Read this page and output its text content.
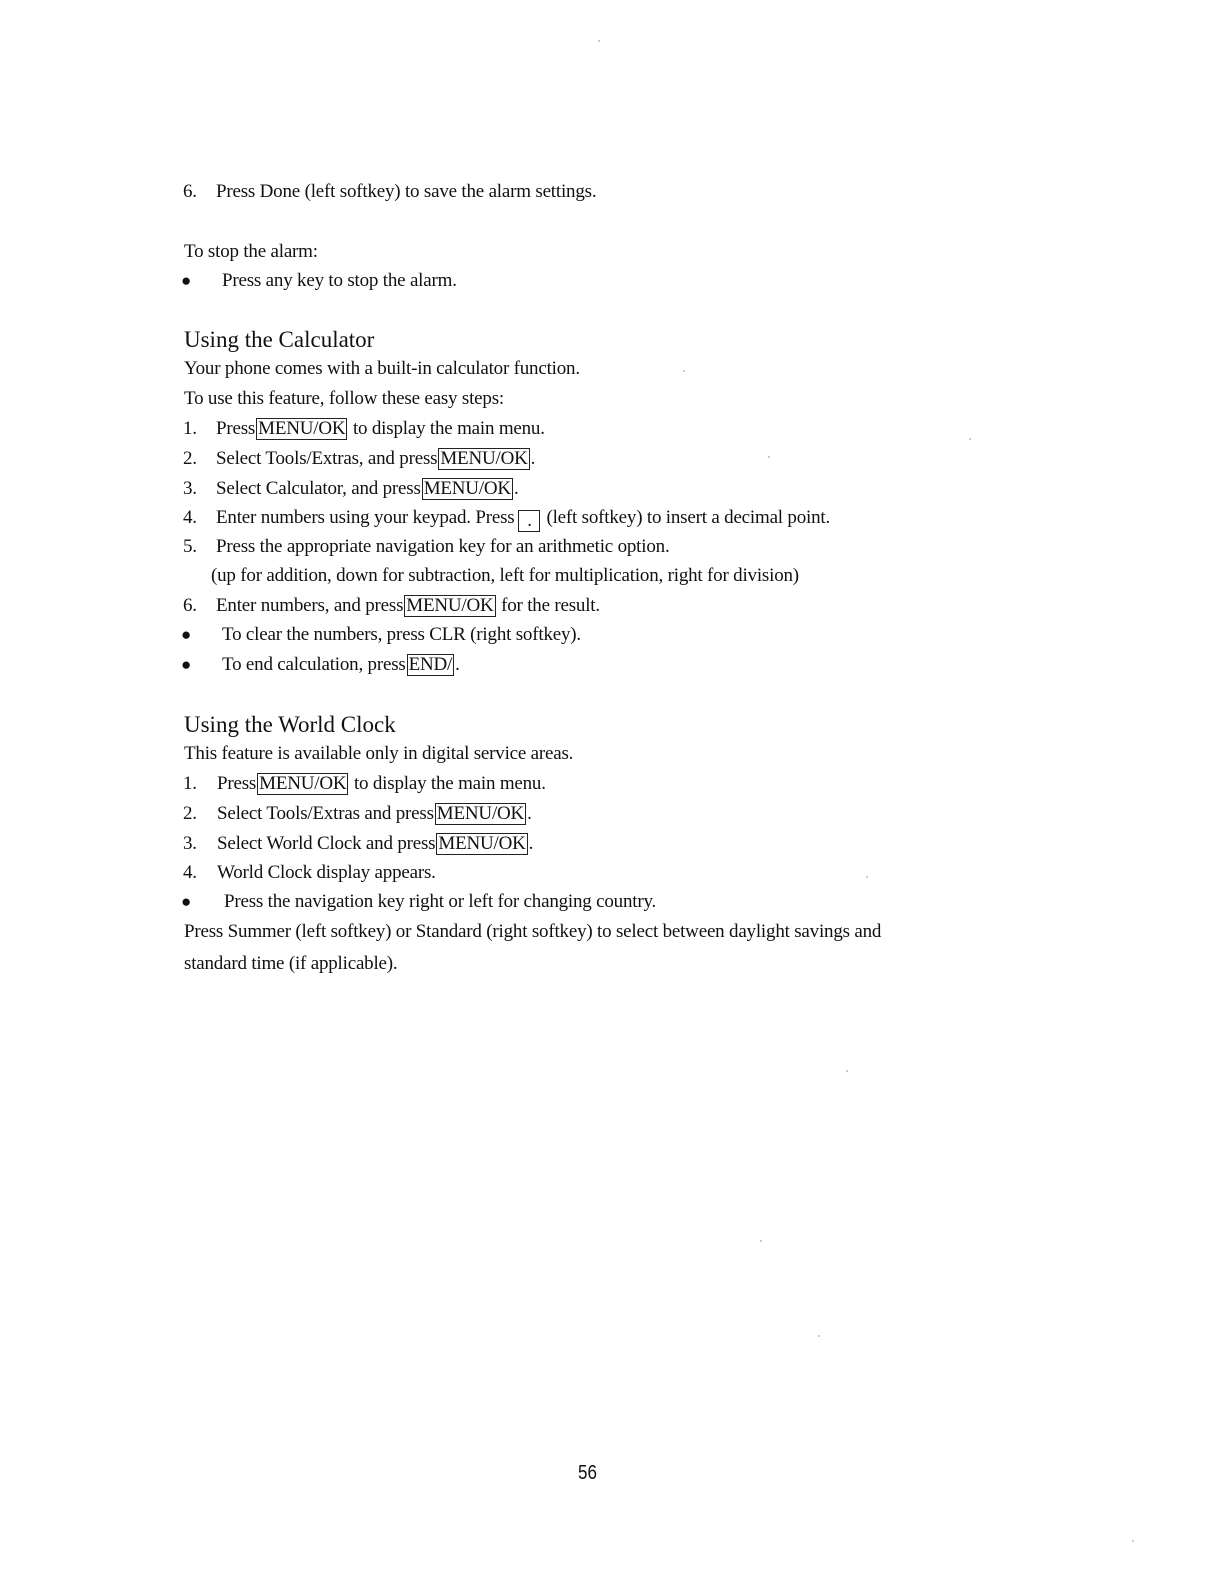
6.	Press Done (left softkey) to save the alarm settings.
To stop the alarm:
● Press any key to stop the alarm.
Using the Calculator
Your phone comes with a built-in calculator function.
To use this feature, follow these easy steps:
1.	Press MENU/OK to display the main menu.
2.	Select Tools/Extras, and press MENU/OK .
3.	Select Calculator, and press MENU/OK .
4.	Enter numbers using your keypad. Press . (left softkey) to insert a decimal point.
5.	Press the appropriate navigation key for an arithmetic option.
(up for addition, down for subtraction, left for multiplication, right for division)
6.	Enter numbers, and press MENU/OK for the result.
● To clear the numbers, press CLR (right softkey).
● To end calculation, press END/ .
Using the World Clock
This feature is available only in digital service areas.
1.	Press MENU/OK to display the main menu.
2.	Select Tools/Extras and press MENU/OK .
3.	Select World Clock and press MENU/OK .
4.	World Clock display appears.
● Press the navigation key right or left for changing country.
Press Summer (left softkey) or Standard (right softkey) to select between daylight savings and
standard time (if applicable).
56
